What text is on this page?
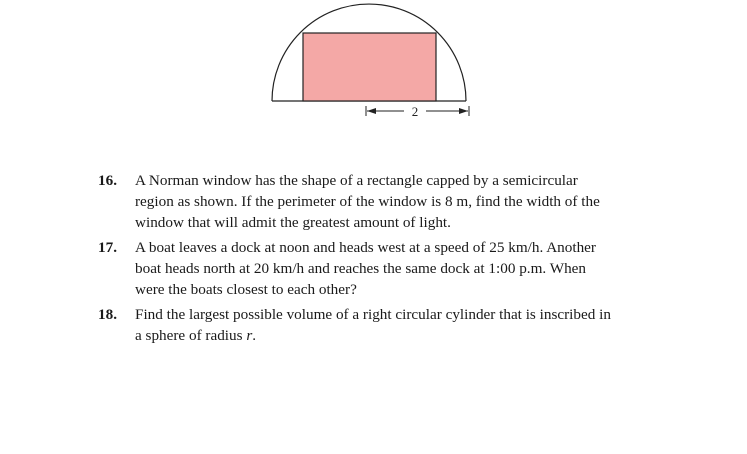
2
16. A Norman window has the shape of a rectangle capped by a semicircular region as shown. If the perimeter of the window is 8 m, find the width of the window that will admit the greatest amount of light.
17. A boat leaves a dock at noon and heads west at a speed of 25 km/h. Another boat heads north at 20 km/h and reaches the same dock at 1:00 p.m. When were the boats closest to each other?
18. Find the largest possible volume of a right circular cylinder that is inscribed in a sphere of radius r.
